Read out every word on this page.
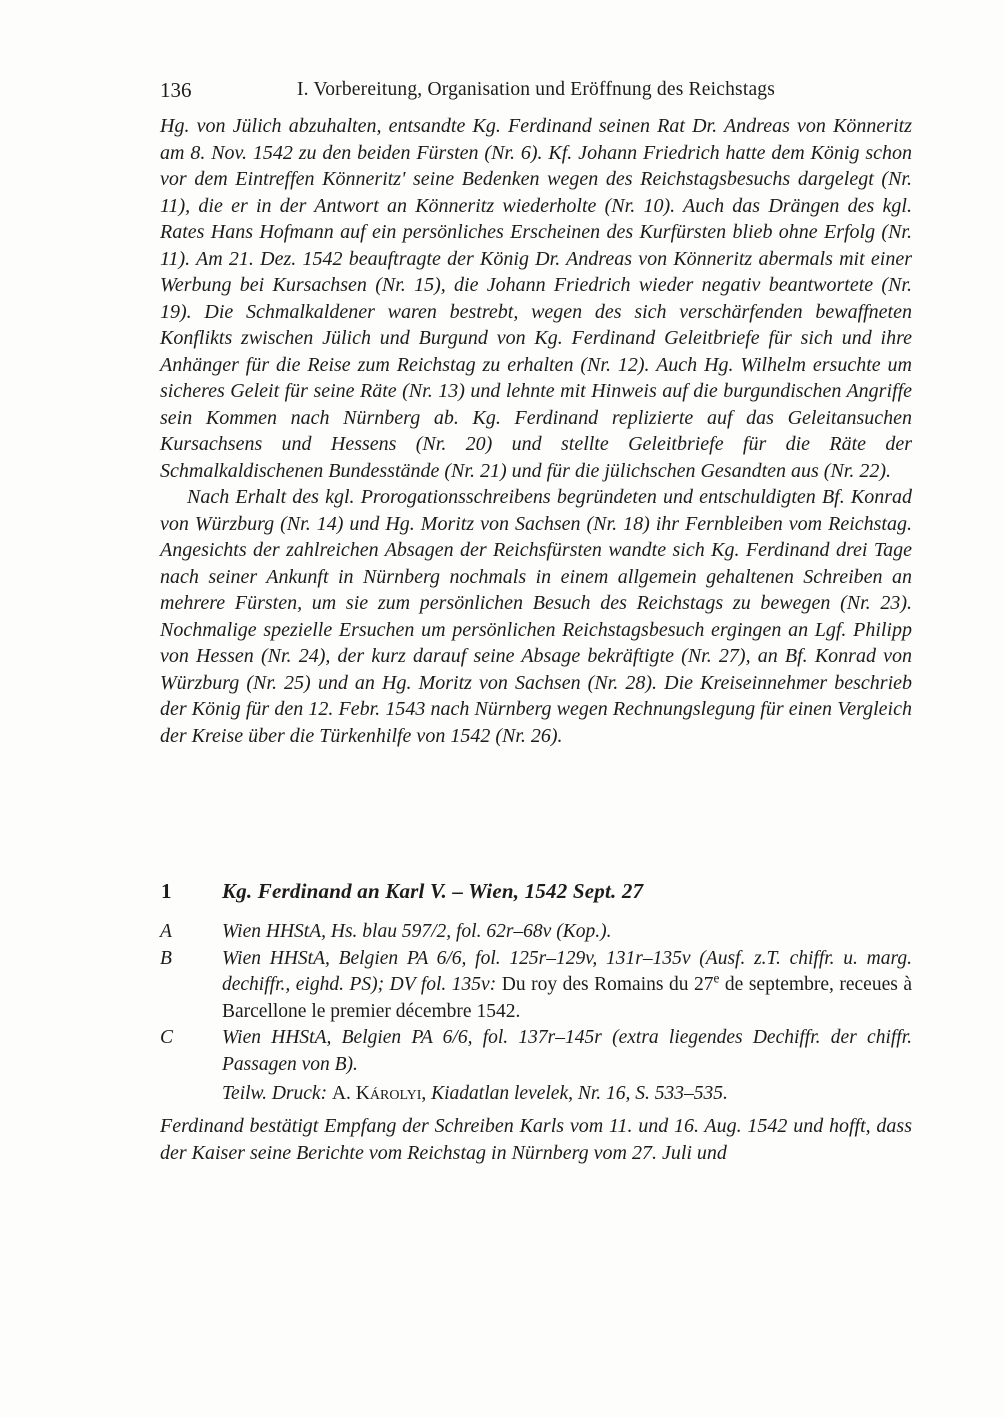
136	I. Vorbereitung, Organisation und Eröffnung des Reichstags

Hg. von Jülich abzuhalten, entsandte Kg. Ferdinand seinen Rat Dr. Andreas von Könneritz am 8. Nov. 1542 zu den beiden Fürsten (Nr. 6). Kf. Johann Friedrich hatte dem König schon vor dem Eintreffen Könneritz' seine Bedenken wegen des Reichstagsbesuchs dargelegt (Nr. 11), die er in der Antwort an Könneritz wiederholte (Nr. 10). Auch das Drängen des kgl. Rates Hans Hofmann auf ein persönliches Erscheinen des Kurfürsten blieb ohne Erfolg (Nr. 11). Am 21. Dez. 1542 beauftragte der König Dr. Andreas von Könneritz abermals mit einer Werbung bei Kursachsen (Nr. 15), die Johann Friedrich wieder negativ beantwortete (Nr. 19). Die Schmalkaldener waren bestrebt, wegen des sich verschärfenden bewaffneten Konflikts zwischen Jülich und Burgund von Kg. Ferdinand Geleitbriefe für sich und ihre Anhänger für die Reise zum Reichstag zu erhalten (Nr. 12). Auch Hg. Wilhelm ersuchte um sicheres Geleit für seine Räte (Nr. 13) und lehnte mit Hinweis auf die burgundischen Angriffe sein Kommen nach Nürnberg ab. Kg. Ferdinand replizierte auf das Geleitansuchen Kursachsens und Hessens (Nr. 20) und stellte Geleitbriefe für die Räte der Schmalkaldischenen Bundesstände (Nr. 21) und für die jülichschen Gesandten aus (Nr. 22).

Nach Erhalt des kgl. Prorogationsschreibens begründeten und entschuldigten Bf. Konrad von Würzburg (Nr. 14) und Hg. Moritz von Sachsen (Nr. 18) ihr Fernbleiben vom Reichstag. Angesichts der zahlreichen Absagen der Reichsfürsten wandte sich Kg. Ferdinand drei Tage nach seiner Ankunft in Nürnberg nochmals in einem allgemein gehaltenen Schreiben an mehrere Fürsten, um sie zum persönlichen Besuch des Reichstags zu bewegen (Nr. 23). Nochmalige spezielle Ersuchen um persönlichen Reichstagsbesuch ergingen an Lgf. Philipp von Hessen (Nr. 24), der kurz darauf seine Absage bekräftigte (Nr. 27), an Bf. Konrad von Würzburg (Nr. 25) und an Hg. Moritz von Sachsen (Nr. 28). Die Kreiseinnehmer beschrieb der König für den 12. Febr. 1543 nach Nürnberg wegen Rechnungslegung für einen Vergleich der Kreise über die Türkenhilfe von 1542 (Nr. 26).

1 Kg. Ferdinand an Karl V. – Wien, 1542 Sept. 27
A	Wien HHStA, Hs. blau 597/2, fol. 62r–68v (Kop.).

B	Wien HHStA, Belgien PA 6/6, fol. 125r–129v, 131r–135v (Ausf. z.T. chiffr. u. marg. dechiffr., eighd. PS); DV fol. 135v: Du roy des Romains du 27e de septembre, receues à Barcellone le premier décembre 1542.

C	Wien HHStA, Belgien PA 6/6, fol. 137r–145r (extra liegendes Dechiffr. der chiffr. Passagen von B).

Teilw. Druck: A. Károlyi, Kiadatlan levelek, Nr. 16, S. 533–535.

Ferdinand bestätigt Empfang der Schreiben Karls vom 11. und 16. Aug. 1542 und hofft, dass der Kaiser seine Berichte vom Reichstag in Nürnberg vom 27. Juli und
